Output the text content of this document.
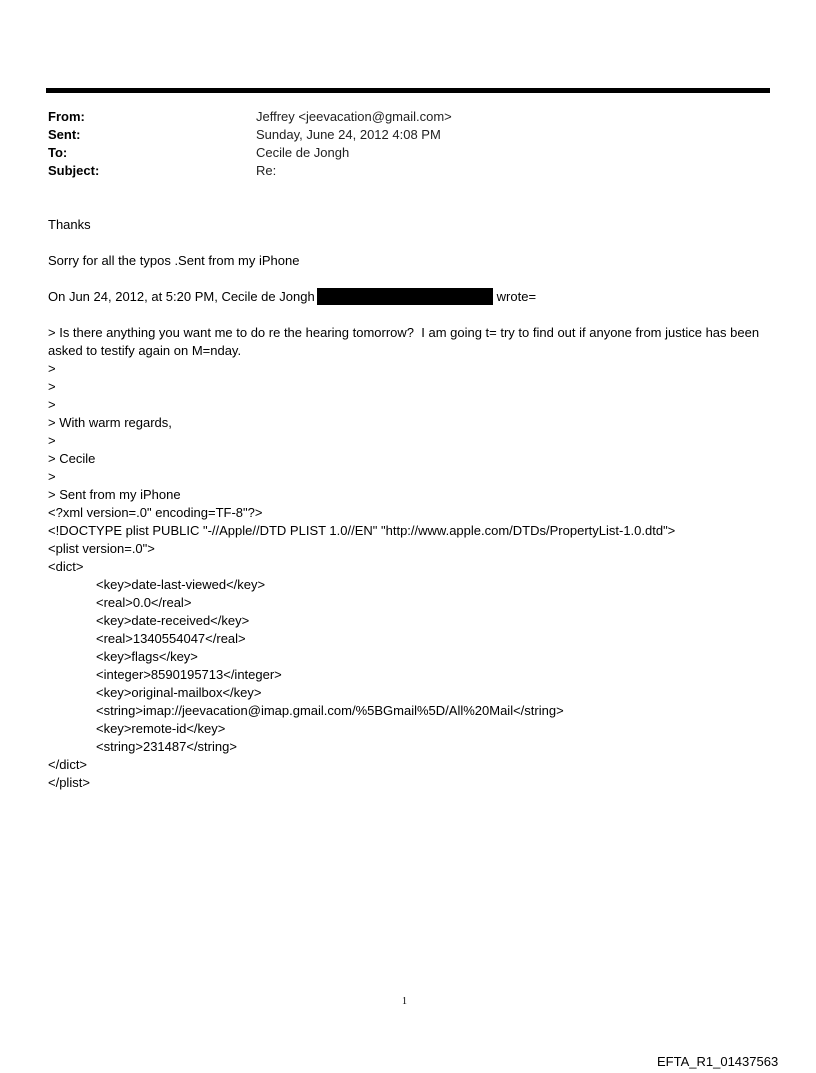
From:	Jeffrey <jeevacation@gmail.com>
Sent:	Sunday, June 24, 2012 4:08 PM
To:	Cecile de Jongh
Subject:	Re:

Thanks

Sorry for all the typos .Sent from my iPhone

On Jun 24, 2012, at 5:20 PM, Cecile de Jongh	wrote=

> Is there anything you want me to do re the hearing tomorrow?  I am going t= try to find out if anyone from justice has been asked to testify again on M=nday.

>

>

>

> With warm regards,

>

> Cecile

>

> Sent from my iPhone

<?xml version=.0" encoding=TF-8"?>

<!DOCTYPE plist PUBLIC "-//Apple//DTD PLIST 1.0//EN" "http://www.apple.com/DTDs/PropertyList-1.0.dtd">

<plist version=.0">

<dict>

<key>date-last-viewed</key>

<real>0.0</real>

<key>date-received</key>

<real>1340554047</real>

<key>flags</key>

<integer>8590195713</integer>

<key>original-mailbox</key>

<string>imap://jeevacation@imap.gmail.com/%5BGmail%5D/All%20Mail</string>

<key>remote-id</key>

<string>231487</string>

</dict>

</plist>

1
EFTA_R1_01437563
